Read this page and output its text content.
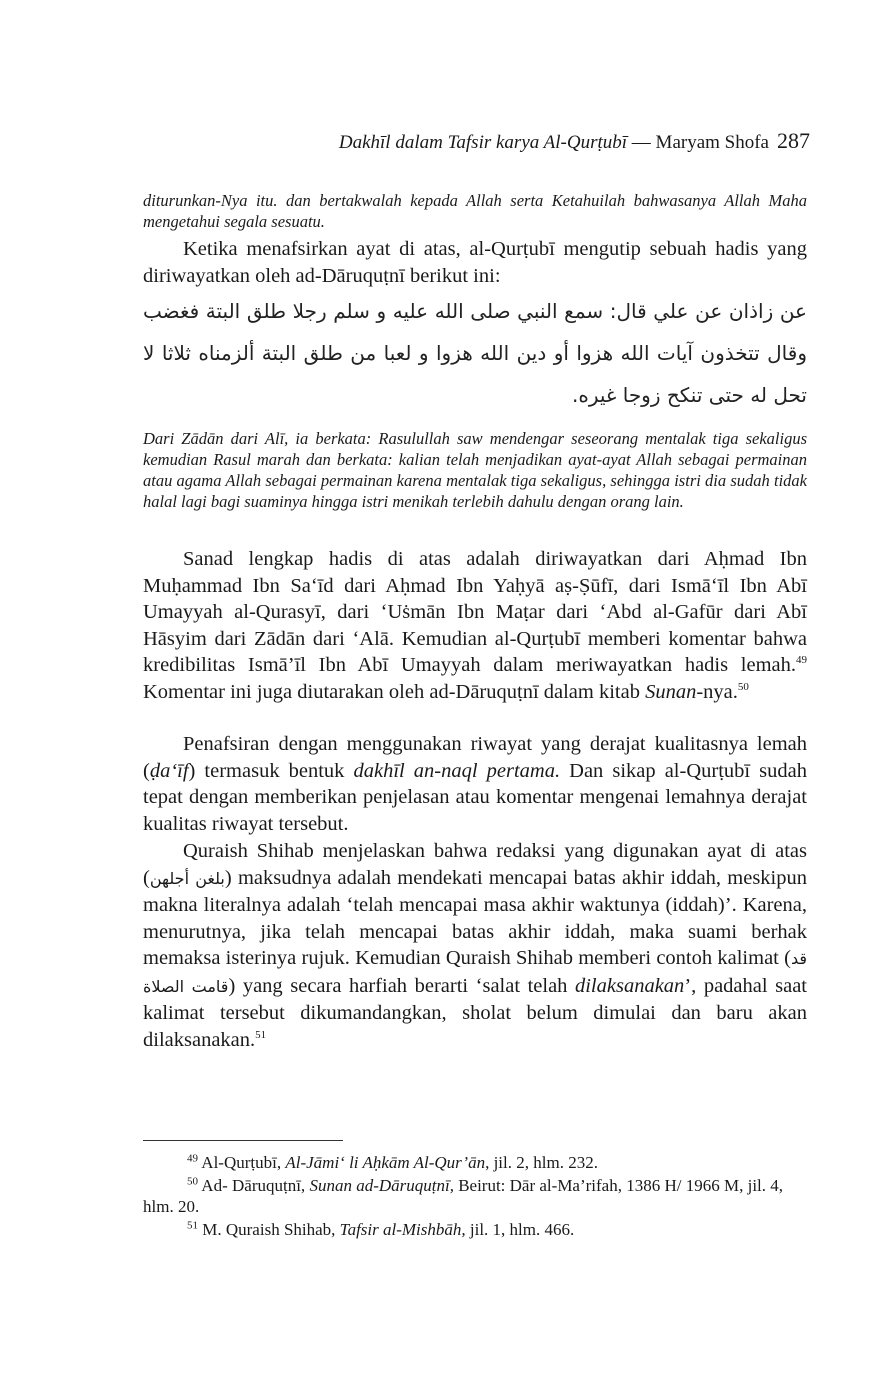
Dakhīl dalam Tafsir karya Al-Qurṭubī — Maryam Shofa 287
diturunkan-Nya itu. dan bertakwalah kepada Allah serta Ketahuilah bahwasanya Allah Maha mengetahui segala sesuatu.
Ketika menafsirkan ayat di atas, al-Qurṭubī mengutip sebuah hadis yang diriwayatkan oleh ad-Dāruquṭnī berikut ini:
عن زاذان عن علي قال: سمع النبي صلى الله عليه و سلم رجلا طلق البتة فغضب وقال تتخذون آيات الله هزوا أو دين الله هزوا و لعبا من طلق البتة ألزمناه ثلاثا لا تحل له حتى تنكح زوجا غيره.
Dari Zādān dari Alī, ia berkata: Rasulullah saw mendengar seseorang mentalak tiga sekaligus kemudian Rasul marah dan berkata: kalian telah menjadikan ayat-ayat Allah sebagai permainan atau agama Allah sebagai permainan karena mentalak tiga sekaligus, sehingga istri dia sudah tidak halal lagi bagi suaminya hingga istri menikah terlebih dahulu dengan orang lain.
Sanad lengkap hadis di atas adalah diriwayatkan dari Aḥmad Ibn Muḥammad Ibn Sa‘īd dari Aḥmad Ibn Yaḥyā aṣ-Ṣūfī, dari Ismā‘īl Ibn Abī Umayyah al-Qurasyī, dari ‘Uṡmān Ibn Maṭar dari ‘Abd al-Gafūr dari Abī Hāsyim dari Zādān dari ‘Alā. Kemudian al-Qurṭubī memberi komentar bahwa kredibilitas Ismā’īl Ibn Abī Umayyah dalam meriwayatkan hadis lemah.$^{49}$ Komentar ini juga diutarakan oleh ad-Dāruquṭnī dalam kitab Sunan-nya.$^{50}$
Penafsiran dengan menggunakan riwayat yang derajat kualitasnya lemah (ḍa‘īf) termasuk bentuk dakhīl an-naql pertama. Dan sikap al-Qurṭubī sudah tepat dengan memberikan penjelasan atau komentar mengenai lemahnya derajat kualitas riwayat tersebut.
Quraish Shihab menjelaskan bahwa redaksi yang digunakan ayat di atas (بلغن أجلهن) maksudnya adalah mendekati mencapai batas akhir iddah, meskipun makna literalnya adalah ‘telah mencapai masa akhir waktunya (iddah)’. Karena, menurutnya, jika telah mencapai batas akhir iddah, maka suami berhak memaksa isterinya rujuk. Kemudian Quraish Shihab memberi contoh kalimat (قد قامت الصلاة) yang secara harfiah berarti ‘salat telah dilaksanakan’, padahal saat kalimat tersebut dikumandangkan, sholat belum dimulai dan baru akan dilaksanakan.$^{51}$
$^{49}$ Al-Qurṭubī, Al-Jāmi‘ li Aḥkām Al-Qur’ān, jil. 2, hlm. 232.
$^{50}$ Ad- Dāruquṭnī, Sunan ad-Dāruquṭnī, Beirut: Dār al-Ma’rifah, 1386 H/ 1966 M, jil. 4, hlm. 20.
$^{51}$ M. Quraish Shihab, Tafsir al-Mishbāh, jil. 1, hlm. 466.
